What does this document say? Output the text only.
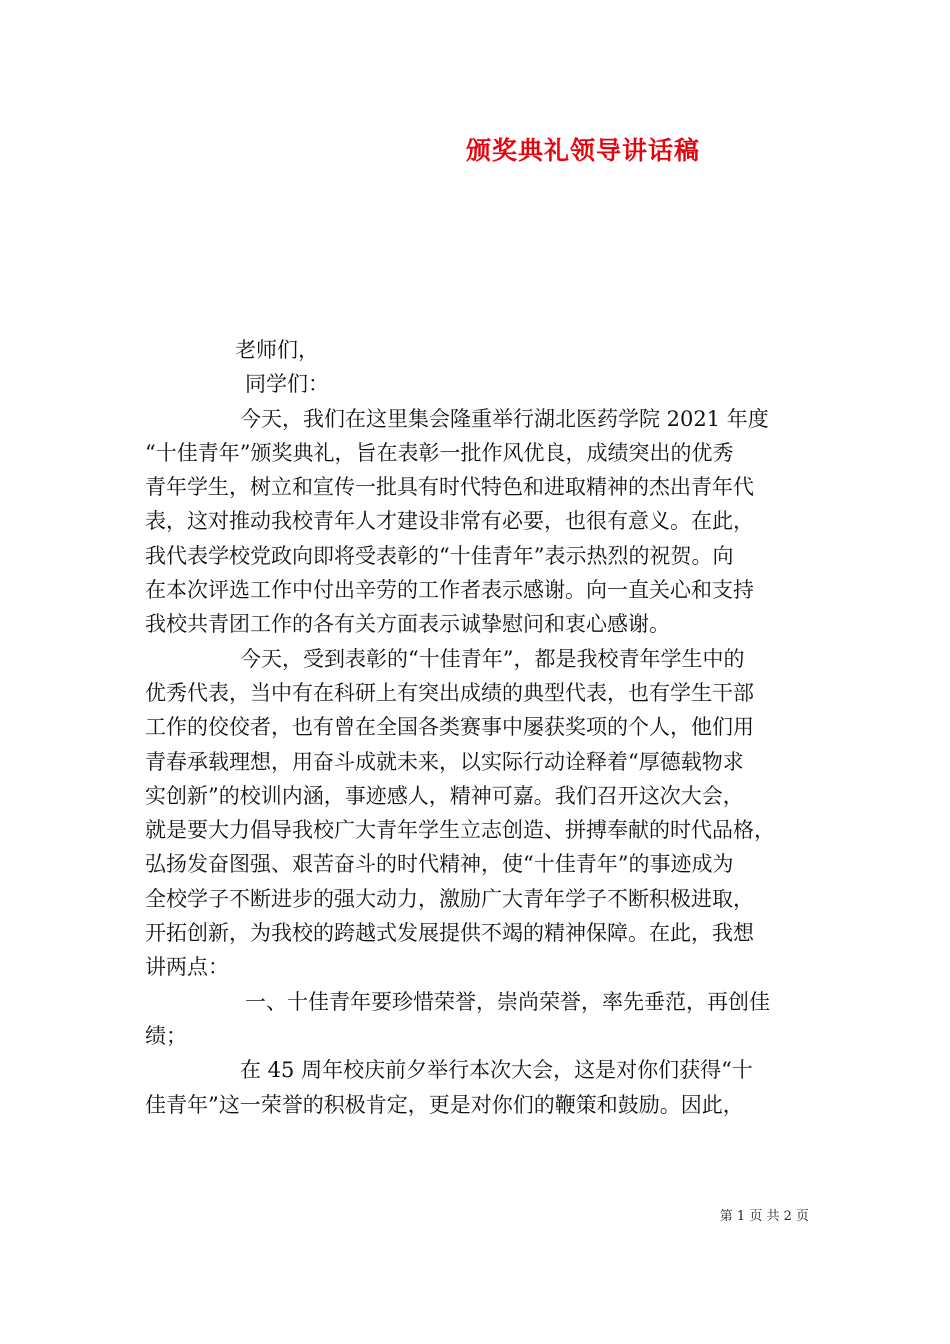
颁奖典礼领导讲话稿
老师们，
同学们：
今天，我们在这里集会隆重举行湖北医药学院 2021 年度
“十佳青年”颁奖典礼，旨在表彰一批作风优良，成绩突出的优秀
青年学生，树立和宣传一批具有时代特色和进取精神的杰出青年代
表，这对推动我校青年人才建设非常有必要，也很有意义。在此，
我代表学校党政向即将受表彰的“十佳青年”表示热烈的祝贺。向
在本次评选工作中付出辛劳的工作者表示感谢。向一直关心和支持
我校共青团工作的各有关方面表示诚挚慰问和衷心感谢。
今天，受到表彰的“十佳青年”，都是我校青年学生中的
优秀代表，当中有在科研上有突出成绩的典型代表，也有学生干部
工作的佼佼者，也有曾在全国各类赛事中屡获奖项的个人，他们用
青春承载理想，用奋斗成就未来，以实际行动诠释着“厚德载物求
实创新”的校训内涵，事迹感人，精神可嘉。我们召开这次大会，
就是要大力倡导我校广大青年学生立志创造、拼搏奉献的时代品格，
弘扬发奋图强、艰苦奋斗的时代精神，使“十佳青年”的事迹成为
全校学子不断进步的强大动力，激励广大青年学子不断积极进取，
开拓创新，为我校的跨越式发展提供不竭的精神保障。在此，我想
讲两点：
一、十佳青年要珍惜荣誉，崇尚荣誉，率先垂范，再创佳
绩；
在 45 周年校庆前夕举行本次大会，这是对你们获得“十
佳青年”这一荣誉的积极肯定，更是对你们的鞭策和鼓励。因此，
第 1 页 共 2 页
